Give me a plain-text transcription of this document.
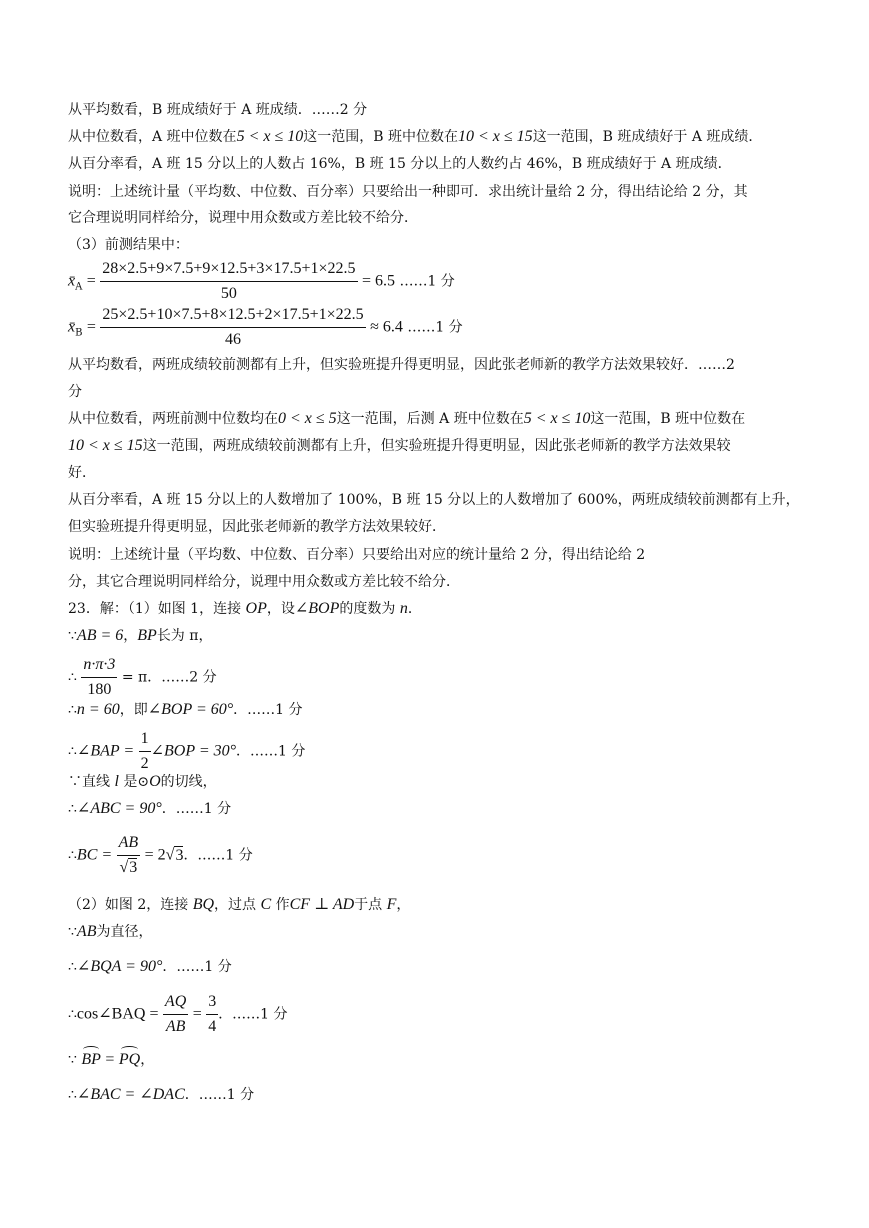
从平均数看，B 班成绩好于 A 班成绩．……2 分
从中位数看，A 班中位数在5 < x ≤ 10这一范围，B 班中位数在10 < x ≤ 15这一范围，B 班成绩好于 A 班成绩．
从百分率看，A 班 15 分以上的人数占 16%，B 班 15 分以上的人数约占 46%，B 班成绩好于 A 班成绩．
说明：上述统计量（平均数、中位数、百分率）只要给出一种即可．求出统计量给 2 分，得出结论给 2 分，其
它合理说明同样给分，说理中用众数或方差比较不给分．
（3）前测结果中：
$x̄_A = \frac{28\times 2.5+9\times 7.5+9\times 12.5+3\times 17.5+1\times 22.5}{50} = 6.5$ ……1 分
$x̄_B = \frac{25\times 2.5+10\times 7.5+8\times 12.5+2\times 17.5+1\times 22.5}{46} \approx 6.4$ ……1 分
从平均数看，两班成绩较前测都有上升，但实验班提升得更明显，因此张老师新的教学方法效果较好．……2
分
从中位数看，两班前测中位数均在0 < x ≤ 5这一范围，后测 A 班中位数在5 < x ≤ 10这一范围，B 班中位数在
10 < x ≤ 15这一范围，两班成绩较前测都有上升，但实验班提升得更明显，因此张老师新的教学方法效果较
好．
从百分率看，A 班 15 分以上的人数增加了 100%，B 班 15 分以上的人数增加了 600%，两班成绩较前测都有上升，
但实验班提升得更明显，因此张老师新的教学方法效果较好．
说明：上述统计量（平均数、中位数、百分率）只要给出对应的统计量给 2 分，得出结论给 2
分，其它合理说明同样给分，说理中用众数或方差比较不给分．
23．解：（1）如图 1，连接 OP，设∠BOP的度数为 n．
∵AB = 6，BP长为 π，
∴ $\frac{n\cdot\pi\cdot 3}{180} = \pi$．……2 分
∴n = 60，即∠BOP = 60°．……1 分
∴∠BAP = $\frac{1}{2}$ ∠BOP = 30°．……1 分
∵直线 l 是⊙O的切线，
∴∠ABC = 90°．……1 分
∴BC = $\frac{AB}{√3} = 2√3$．……1 分
（2）如图 2，连接 BQ，过点 C 作CF ⊥ AD于点 F，
∵AB为直径，
∴∠BQA = 90°．……1 分
∴cos∠BAQ = $\frac{AQ}{AB} = \frac{3}{4}$ ．……1 分
∵ BP = PQ，
∴∠BAC = ∠DAC．……1 分
